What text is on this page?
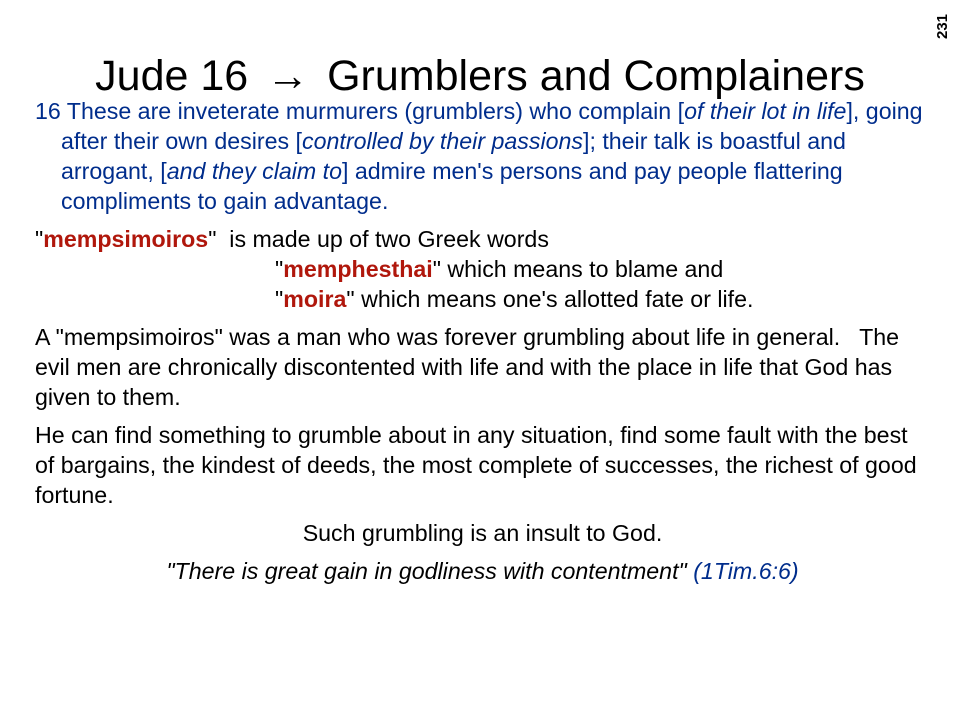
231
Jude 16 → Grumblers and Complainers

16 These are inveterate murmurers (grumblers) who complain [of their lot in life], going after their own desires [controlled by their passions]; their talk is boastful and arrogant, [and they claim to] admire men's persons and pay people flattering compliments to gain advantage.

"mempsimoiros"  is made up of two Greek words
"memphesthai" which means to blame and
"moira" which means one's allotted fate or life.

A "mempsimoiros" was a man who was forever grumbling about life in general.   The evil men are chronically discontented with life and with the place in life that God has given to them.

He can find something to grumble about in any situation, find some fault with the best of bargains, the kindest of deeds, the most complete of successes, the richest of good fortune.

Such grumbling is an insult to God.

"There is great gain in godliness with contentment" (1Tim.6:6)
